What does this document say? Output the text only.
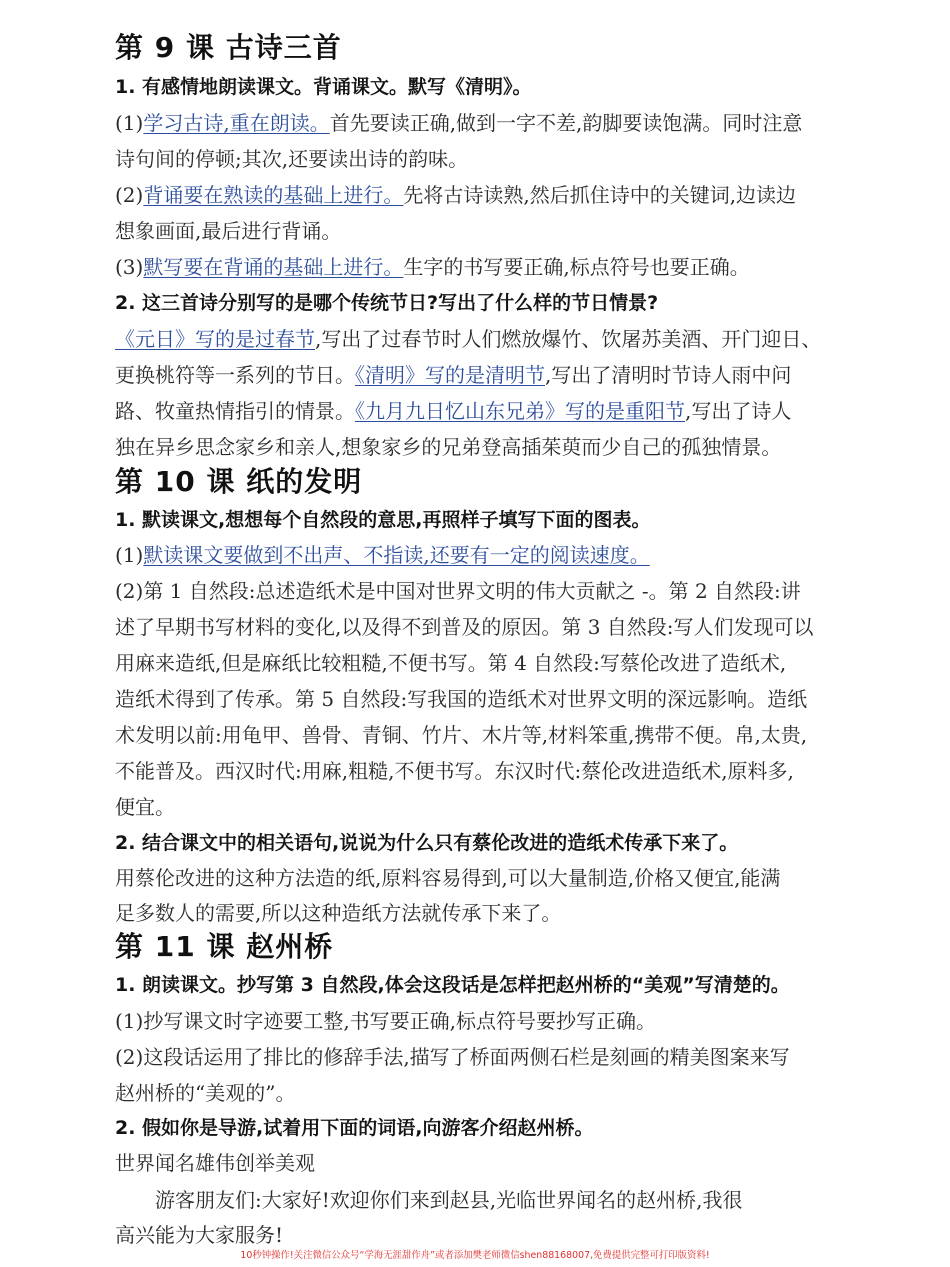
第 9 课 古诗三首
1. 有感情地朗读课文。背诵课文。默写《清明》。
(1)学习古诗,重在朗读。首先要读正确,做到一字不差,韵脚要读饱满。同时注意
诗句间的停顿;其次,还要读出诗的韵味。
(2)背诵要在熟读的基础上进行。先将古诗读熟,然后抓住诗中的关键词,边读边
想象画面,最后进行背诵。
(3)默写要在背诵的基础上进行。生字的书写要正确,标点符号也要正确。
2. 这三首诗分别写的是哪个传统节日?写出了什么样的节日情景?
《元日》写的是过春节,写出了过春节时人们燃放爆竹、饮屠苏美酒、开门迎日、
更换桃符等一系列的节日。《清明》写的是清明节,写出了清明时节诗人雨中问
路、牧童热情指引的情景。《九月九日忆山东兄弟》写的是重阳节,写出了诗人
独在异乡思念家乡和亲人,想象家乡的兄弟登高插茱萸而少自己的孤独情景。
第 10 课 纸的发明
1. 默读课文,想想每个自然段的意思,再照样子填写下面的图表。
(1)默读课文要做到不出声、不指读,还要有一定的阅读速度。
(2)第 1 自然段:总述造纸术是中国对世界文明的伟大贡献之 -。第 2 自然段:讲
述了早期书写材料的变化,以及得不到普及的原因。第 3 自然段:写人们发现可以
用麻来造纸,但是麻纸比较粗糙,不便书写。第 4 自然段:写蔡伦改进了造纸术,
造纸术得到了传承。第 5 自然段:写我国的造纸术对世界文明的深远影响。造纸
术发明以前:用龟甲、兽骨、青铜、竹片、木片等,材料笨重,携带不便。帛,太贵,
不能普及。西汉时代:用麻,粗糙,不便书写。东汉时代:蔡伦改进造纸术,原料多,
便宜。
2. 结合课文中的相关语句,说说为什么只有蔡伦改进的造纸术传承下来了。
用蔡伦改进的这种方法造的纸,原料容易得到,可以大量制造,价格又便宜,能满
足多数人的需要,所以这种造纸方法就传承下来了。
第 11 课 赵州桥
1. 朗读课文。抄写第 3 自然段,体会这段话是怎样把赵州桥的“美观”写清楚的。
(1)抄写课文时字迹要工整,书写要正确,标点符号要抄写正确。
(2)这段话运用了排比的修辞手法,描写了桥面两侧石栏是刻画的精美图案来写
赵州桥的“美观的”。
2. 假如你是导游,试着用下面的词语,向游客介绍赵州桥。
世界闻名雄伟创举美观
游客朋友们:大家好!欢迎你们来到赵县,光临世界闻名的赵州桥,我很
高兴能为大家服务!
10秒钟操作!关注微信公众号“学海无涯甜作舟”或者添加樊老师微信shen88168007,免费提供完整可打印版资料!
